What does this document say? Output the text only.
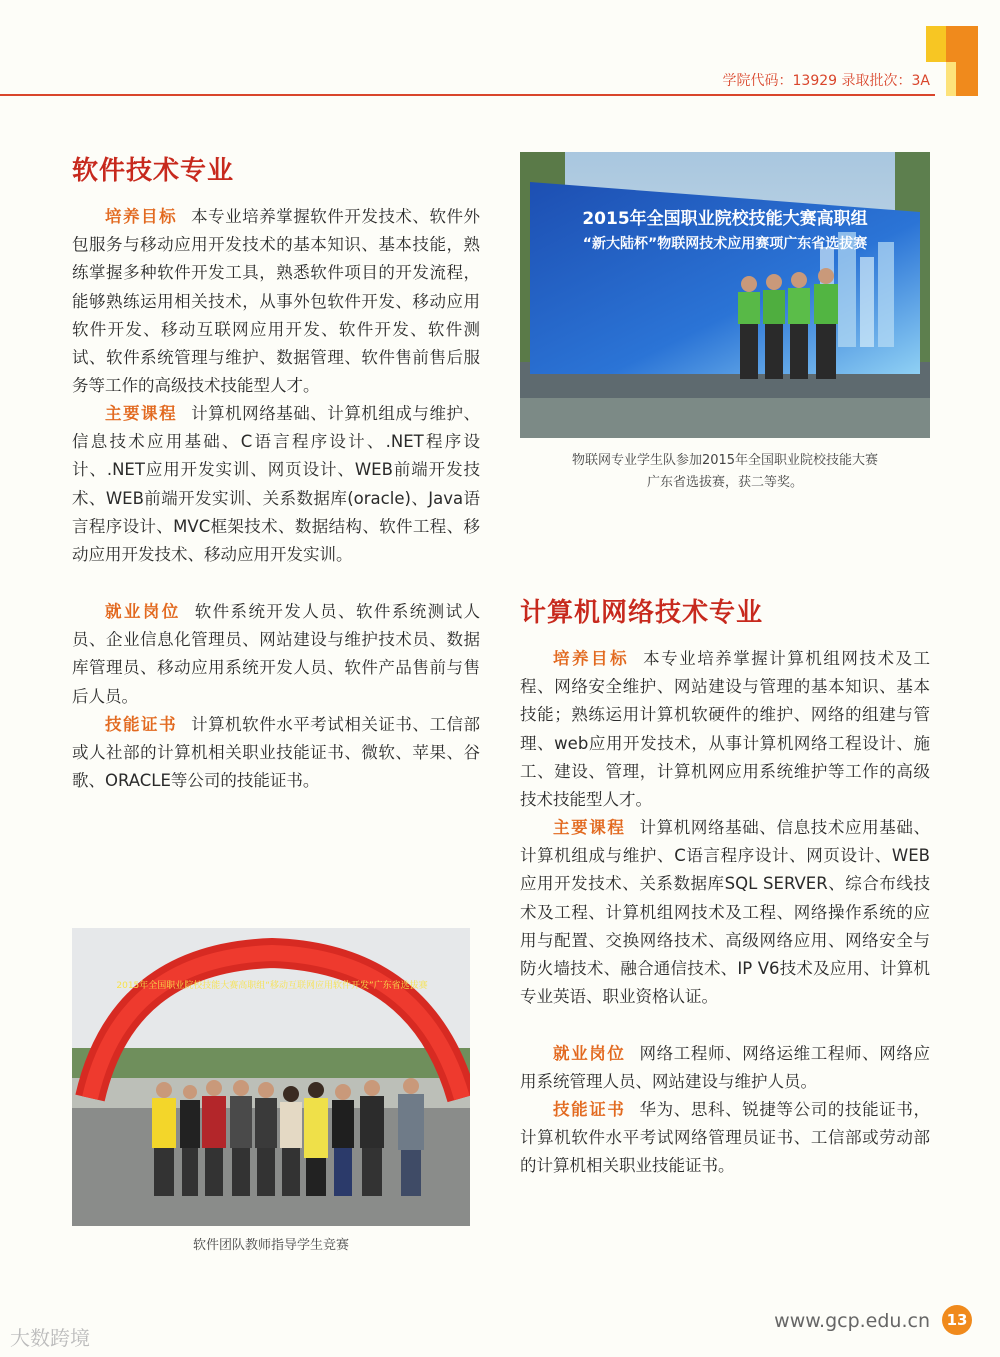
学院代码：13929 录取批次：3A
软件技术专业
培养目标 本专业培养掌握软件开发技术、软件外包服务与移动应用开发技术的基本知识、基本技能，熟练掌握多种软件开发工具，熟悉软件项目的开发流程，能够熟练运用相关技术，从事外包软件开发、移动应用软件开发、移动互联网应用开发、软件开发、软件测试、软件系统管理与维护、数据管理、软件售前售后服务等工作的高级技术技能型人才。
主要课程 计算机网络基础、计算机组成与维护、信息技术应用基础、C语言程序设计、.NET程序设计、.NET应用开发实训、网页设计、WEB前端开发技术、WEB前端开发实训、关系数据库(oracle)、Java语言程序设计、MVC框架技术、数据结构、软件工程、移动应用开发技术、移动应用开发实训。
就业岗位 软件系统开发人员、软件系统测试人员、企业信息化管理员、网站建设与维护技术员、数据库管理员、移动应用系统开发人员、软件产品售前与售后人员。
技能证书 计算机软件水平考试相关证书、工信部或人社部的计算机相关职业技能证书、微软、苹果、谷歌、ORACLE等公司的技能证书。
2015年全国职业院校技能大赛高职组
“新大陆杯”物联网技术应用赛项广东省选拔赛
物联网专业学生队参加2015年全国职业院校技能大赛
广东省选拔赛，获二等奖。
2015年全国职业院校技能大赛高职组“移动互联网应用软件开发”广东省选拔赛
软件团队教师指导学生竞赛
计算机网络技术专业
培养目标 本专业培养掌握计算机组网技术及工程、网络安全维护、网站建设与管理的基本知识、基本技能；熟练运用计算机软硬件的维护、网络的组建与管理、web应用开发技术，从事计算机网络工程设计、施工、建设、管理，计算机网应用系统维护等工作的高级技术技能型人才。
主要课程 计算机网络基础、信息技术应用基础、计算机组成与维护、C语言程序设计、网页设计、WEB应用开发技术、关系数据库SQL SERVER、综合布线技术及工程、计算机组网技术及工程、网络操作系统的应用与配置、交换网络技术、高级网络应用、网络安全与防火墙技术、融合通信技术、IP V6技术及应用、计算机专业英语、职业资格认证。
就业岗位 网络工程师、网络运维工程师、网络应用系统管理人员、网站建设与维护人员。
技能证书 华为、思科、锐捷等公司的技能证书，计算机软件水平考试网络管理员证书、工信部或劳动部的计算机相关职业技能证书。
大数跨境
www.gcp.edu.cn	13
